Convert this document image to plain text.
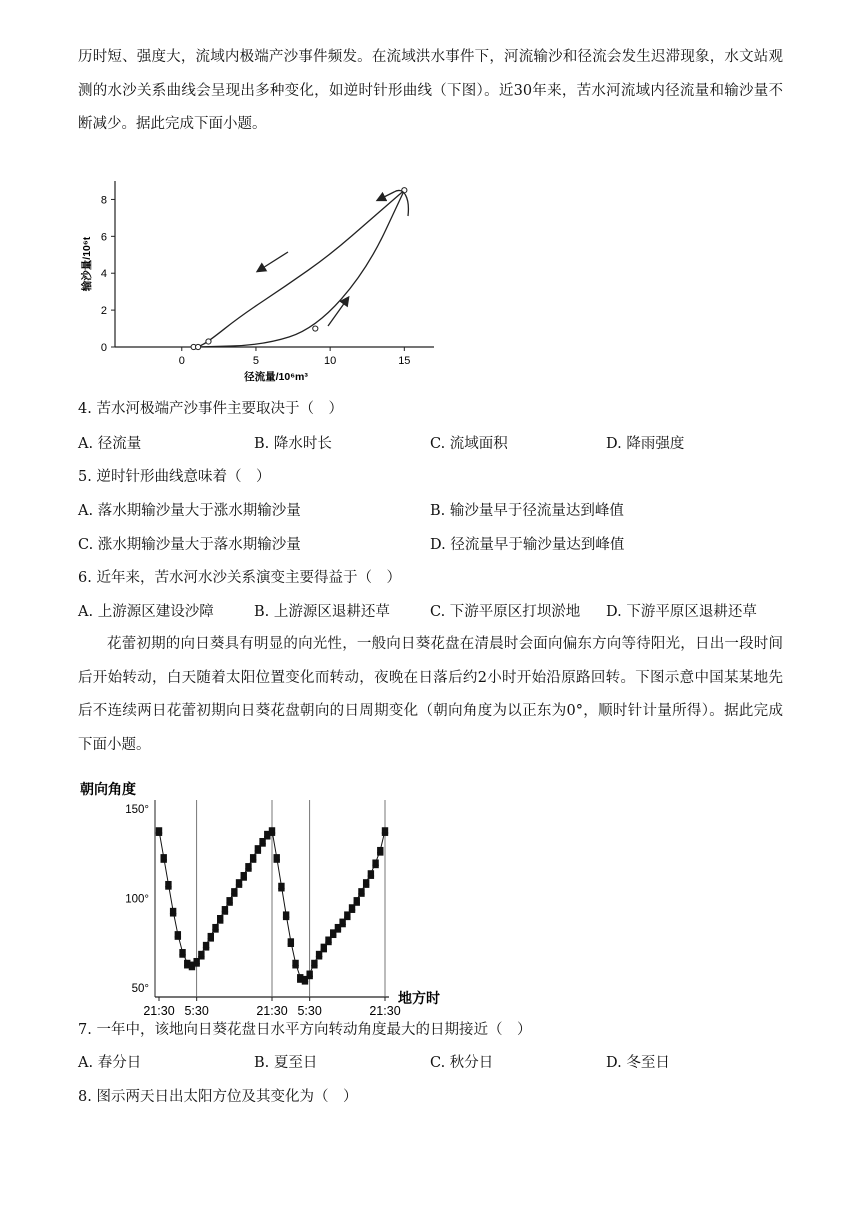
历时短、强度大，流域内极端产沙事件频发。在流域洪水事件下，河流输沙和径流会发生迟滞现象，水文站观测的水沙关系曲线会呈现出多种变化，如逆时针形曲线（下图）。近30年来，苦水河流域内径流量和输沙量不断减少。据此完成下面小题。
0
2
4
6
8
0	5	10	15
输沙量/10⁶t
径流量/10⁶m³
4. 苦水河极端产沙事件主要取决于（　）
A. 径流量	B. 降水时长	C. 流域面积	D. 降雨强度
5. 逆时针形曲线意味着（　）
A. 落水期输沙量大于涨水期输沙量	B. 输沙量早于径流量达到峰值
C. 涨水期输沙量大于落水期输沙量	D. 径流量早于输沙量达到峰值
6. 近年来，苦水河水沙关系演变主要得益于（　）
A. 上游源区建设沙障	B. 上游源区退耕还草	C. 下游平原区打坝淤地 D. 下游平原区退耕还草
花蕾初期的向日葵具有明显的向光性，一般向日葵花盘在清晨时会面向偏东方向等待阳光，日出一段时间后开始转动，白天随着太阳位置变化而转动，夜晚在日落后约2小时开始沿原路回转。下图示意中国某某地先后不连续两日花蕾初期向日葵花盘朝向的日周期变化（朝向角度为以正东为0°，顺时针计量所得）。据此完成下面小题。
朝向角度
150°
100°
50°
21:30 5:30	21:30 5:30	21:30
地方时
7. 一年中，该地向日葵花盘日水平方向转动角度最大的日期接近（　）
A. 春分日	B. 夏至日	C. 秋分日	D. 冬至日
8. 图示两天日出太阳方位及其变化为（　）
